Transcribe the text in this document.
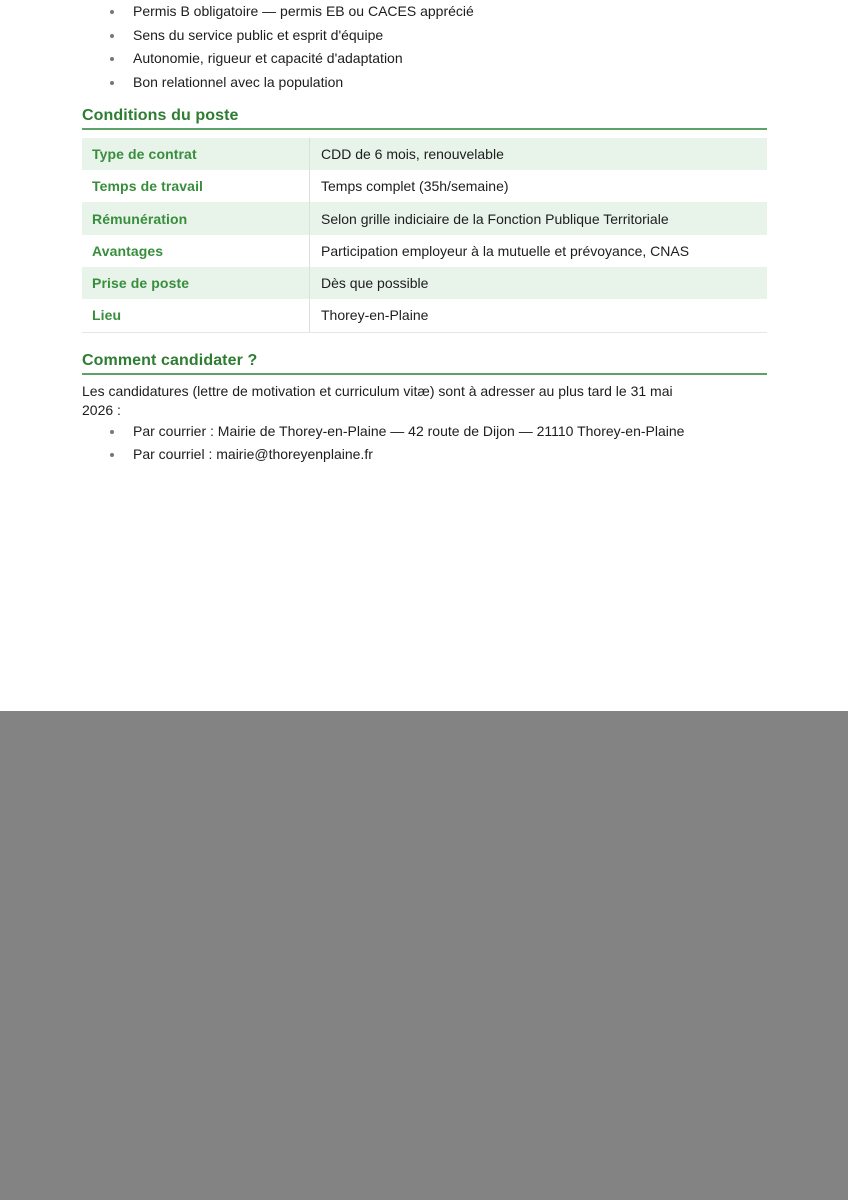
Permis B obligatoire — permis EB ou CACES apprécié
Sens du service public et esprit d'équipe
Autonomie, rigueur et capacité d'adaptation
Bon relationnel avec la population
Conditions du poste
Type de contrat	CDD de 6 mois, renouvelable
Temps de travail	Temps complet (35h/semaine)
Rémunération	Selon grille indiciaire de la Fonction Publique Territoriale
Avantages	Participation employeur à la mutuelle et prévoyance, CNAS
Prise de poste	Dès que possible
Lieu	Thorey-en-Plaine
Comment candidater ?
Les candidatures (lettre de motivation et curriculum vitæ) sont à adresser au plus tard le 31 mai
2026 :
Par courrier : Mairie de Thorey-en-Plaine — 42 route de Dijon — 21110 Thorey-en-Plaine
Par courriel : mairie@thoreyenplaine.fr
